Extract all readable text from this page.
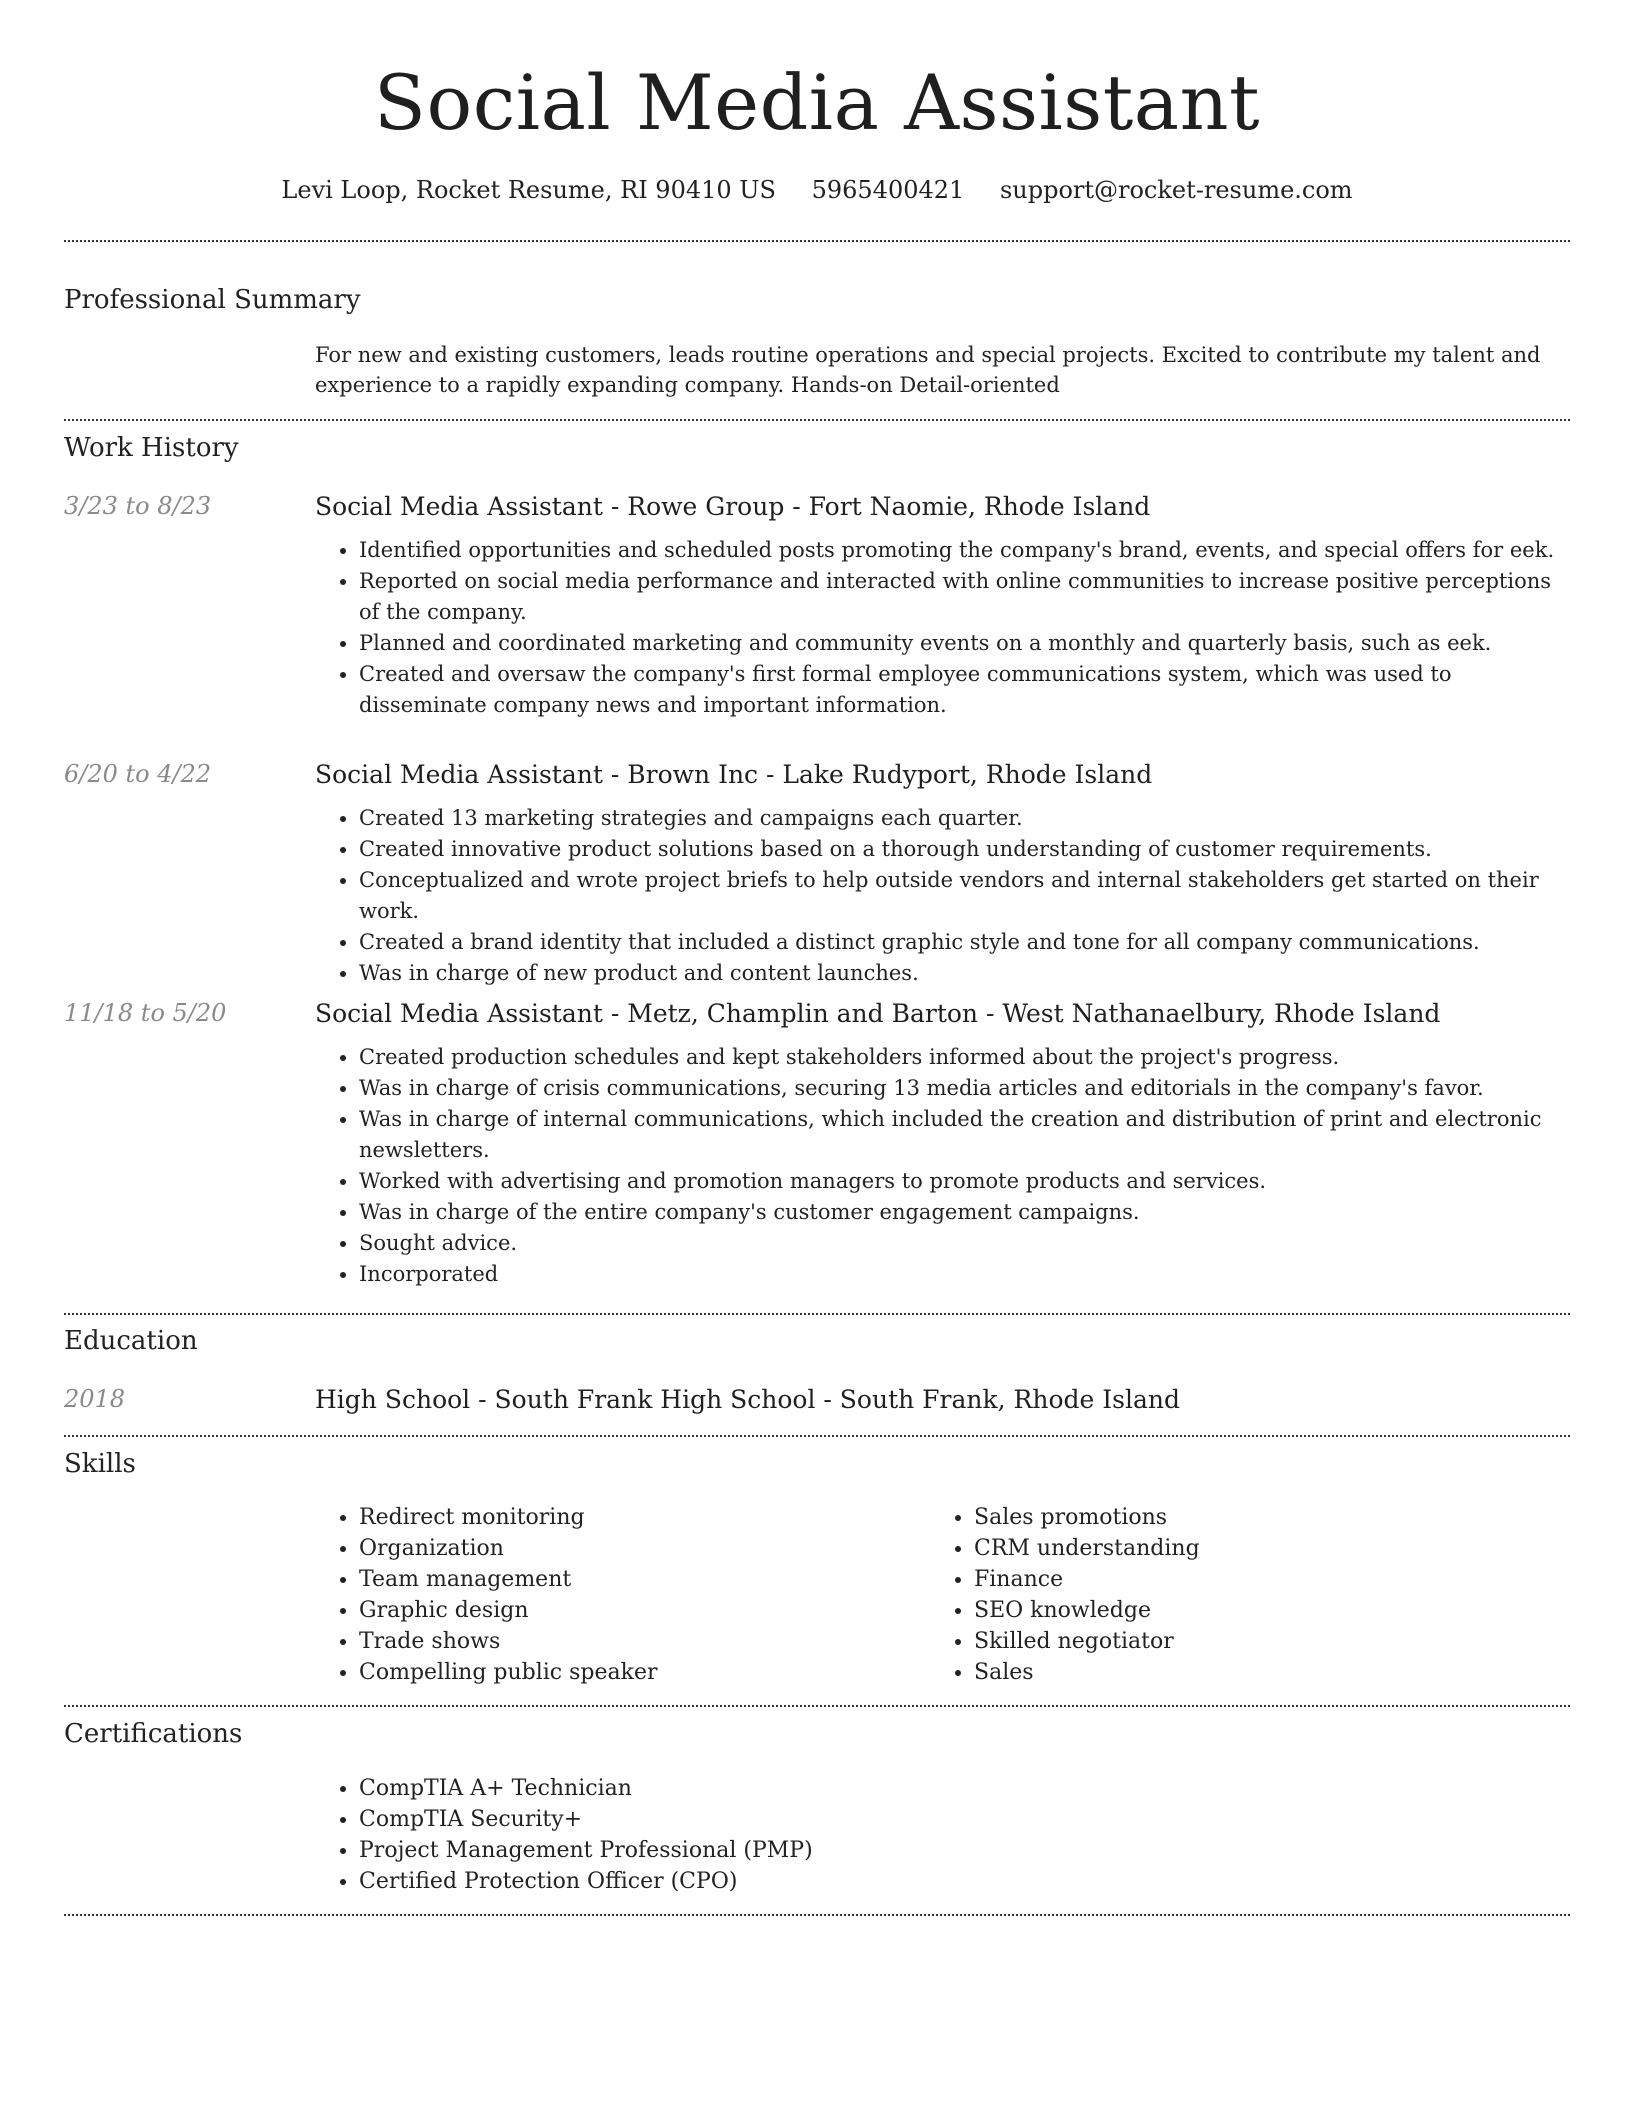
Social Media Assistant
Levi Loop, Rocket Resume, RI 90410 US 5965400421 support@rocket-resume.com
Professional Summary

For new and existing customers, leads routine operations and special projects. Excited to contribute my talent and experience to a rapidly expanding company. Hands-on Detail-oriented

Work History
3/23 to 8/23	Social Media Assistant - Rowe Group - Fort Naomie, Rhode Island

• Identified opportunities and scheduled posts promoting the company's brand, events, and special offers for eek.
• Reported on social media performance and interacted with online communities to increase positive perceptions of the company.
• Planned and coordinated marketing and community events on a monthly and quarterly basis, such as eek.
• Created and oversaw the company's first formal employee communications system, which was used to disseminate company news and important information.
6/20 to 4/22	Social Media Assistant - Brown Inc - Lake Rudyport, Rhode Island

• Created 13 marketing strategies and campaigns each quarter.
• Created innovative product solutions based on a thorough understanding of customer requirements.
• Conceptualized and wrote project briefs to help outside vendors and internal stakeholders get started on their work.
• Created a brand identity that included a distinct graphic style and tone for all company communications.
• Was in charge of new product and content launches.
11/18 to 5/20	Social Media Assistant - Metz, Champlin and Barton - West Nathanaelbury, Rhode Island

• Created production schedules and kept stakeholders informed about the project's progress.
• Was in charge of crisis communications, securing 13 media articles and editorials in the company's favor.
• Was in charge of internal communications, which included the creation and distribution of print and electronic newsletters.
• Worked with advertising and promotion managers to promote products and services.
• Was in charge of the entire company's customer engagement campaigns.
• Sought advice.
• Incorporated
Education
2018	High School - South Frank High School - South Frank, Rhode Island

Skills
• Redirect monitoring
• Organization
• Team management
• Graphic design
• Trade shows
• Compelling public speaker
• Sales promotions
• CRM understanding
• Finance
• SEO knowledge
• Skilled negotiator
• Sales
Certifications
• CompTIA A+ Technician
• CompTIA Security+
• Project Management Professional (PMP)
• Certified Protection Officer (CPO)
